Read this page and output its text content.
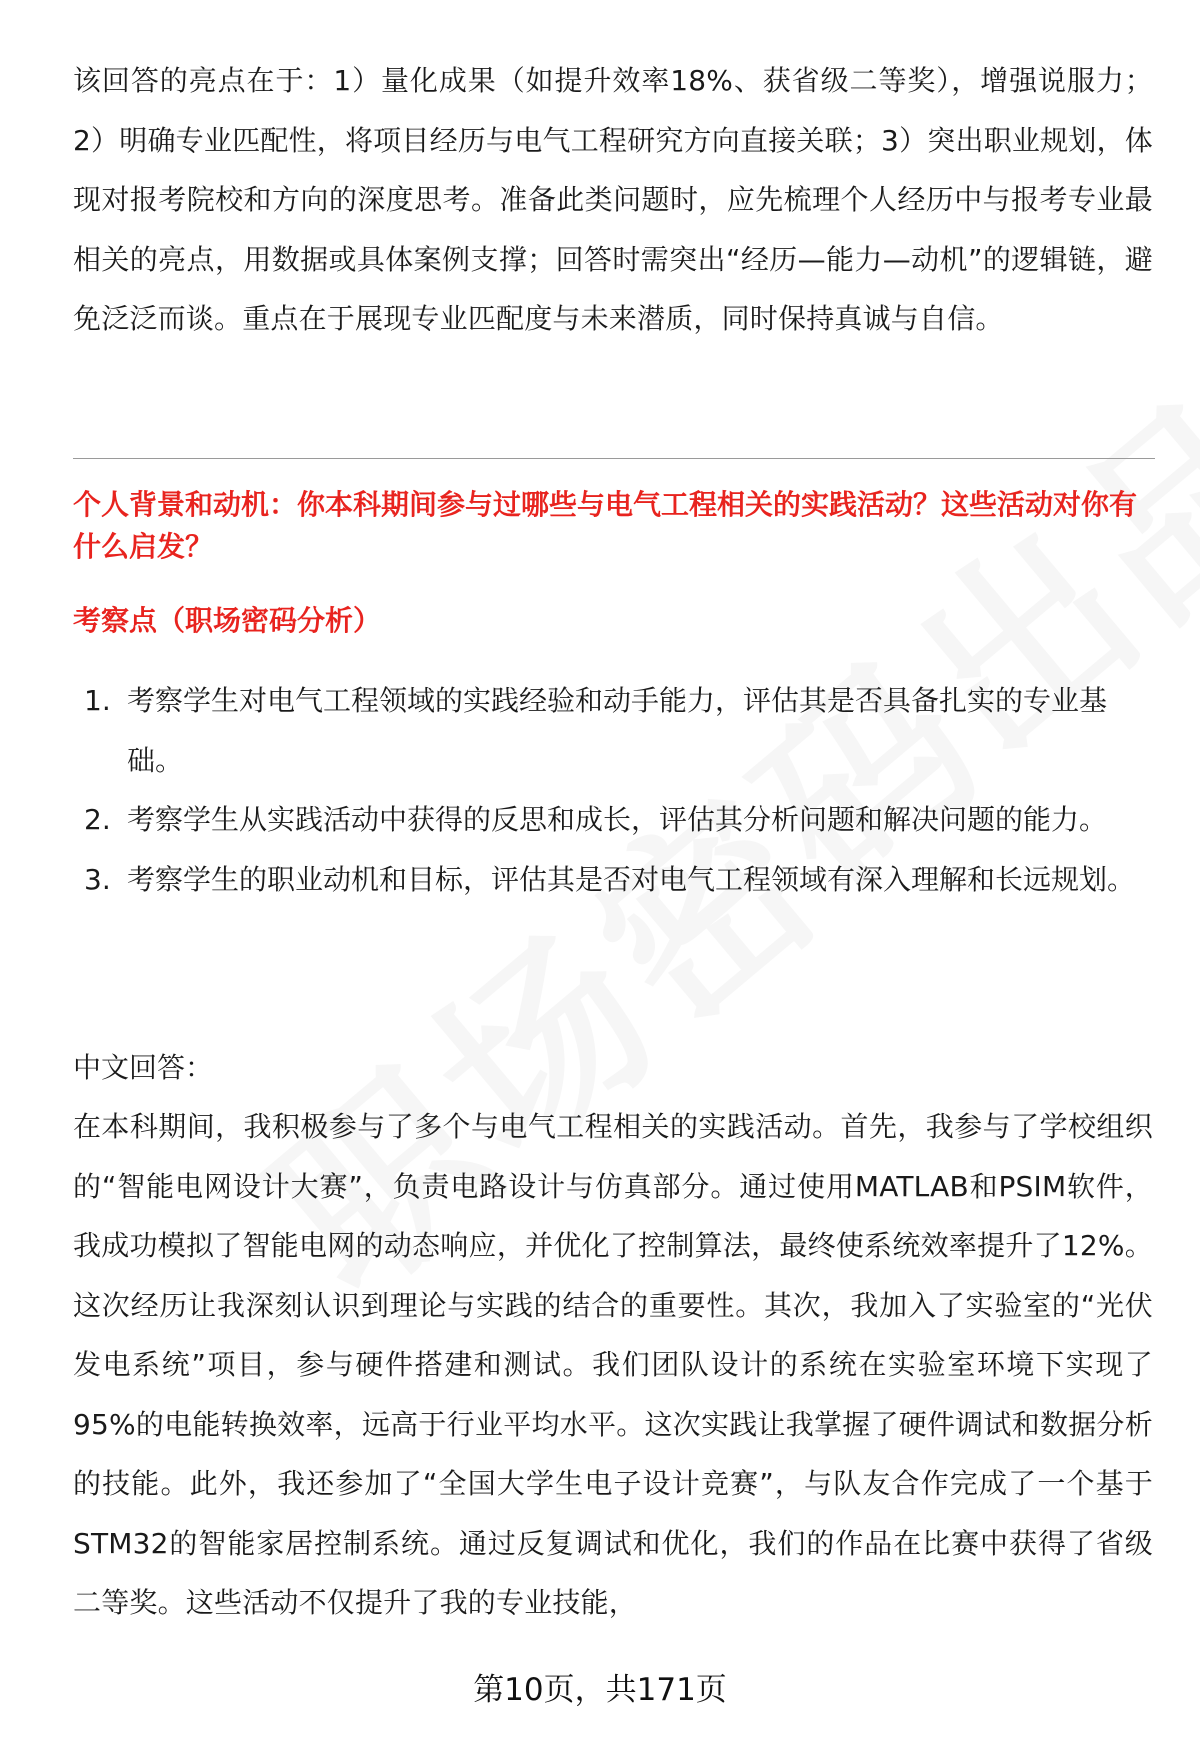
该回答的亮点在于：1）量化成果（如提升效率18%、获省级二等奖），增强说服力；2）明确专业匹配性，将项目经历与电气工程研究方向直接关联；3）突出职业规划，体现对报考院校和方向的深度思考。准备此类问题时，应先梳理个人经历中与报考专业最相关的亮点，用数据或具体案例支撑；回答时需突出“经历—能力—动机”的逻辑链，避免泛泛而谈。重点在于展现专业匹配度与未来潜质，同时保持真诚与自信。

个人背景和动机：你本科期间参与过哪些与电气工程相关的实践活动？这些活动对你有什么启发？

考察点（职场密码分析）

1. 考察学生对电气工程领域的实践经验和动手能力，评估其是否具备扎实的专业基础。
2. 考察学生从实践活动中获得的反思和成长，评估其分析问题和解决问题的能力。
3. 考察学生的职业动机和目标，评估其是否对电气工程领域有深入理解和长远规划。

中文回答：

在本科期间，我积极参与了多个与电气工程相关的实践活动。首先，我参与了学校组织的“智能电网设计大赛”，负责电路设计与仿真部分。通过使用MATLAB和PSIM软件，我成功模拟了智能电网的动态响应，并优化了控制算法，最终使系统效率提升了12%。这次经历让我深刻认识到理论与实践的结合的重要性。其次，我加入了实验室的“光伏发电系统”项目，参与硬件搭建和测试。我们团队设计的系统在实验室环境下实现了95%的电能转换效率，远高于行业平均水平。这次实践让我掌握了硬件调试和数据分析的技能。此外，我还参加了“全国大学生电子设计竞赛”，与队友合作完成了一个基于STM32的智能家居控制系统。通过反复调试和优化，我们的作品在比赛中获得了省级二等奖。这些活动不仅提升了我的专业技能，

第10页，共171页
